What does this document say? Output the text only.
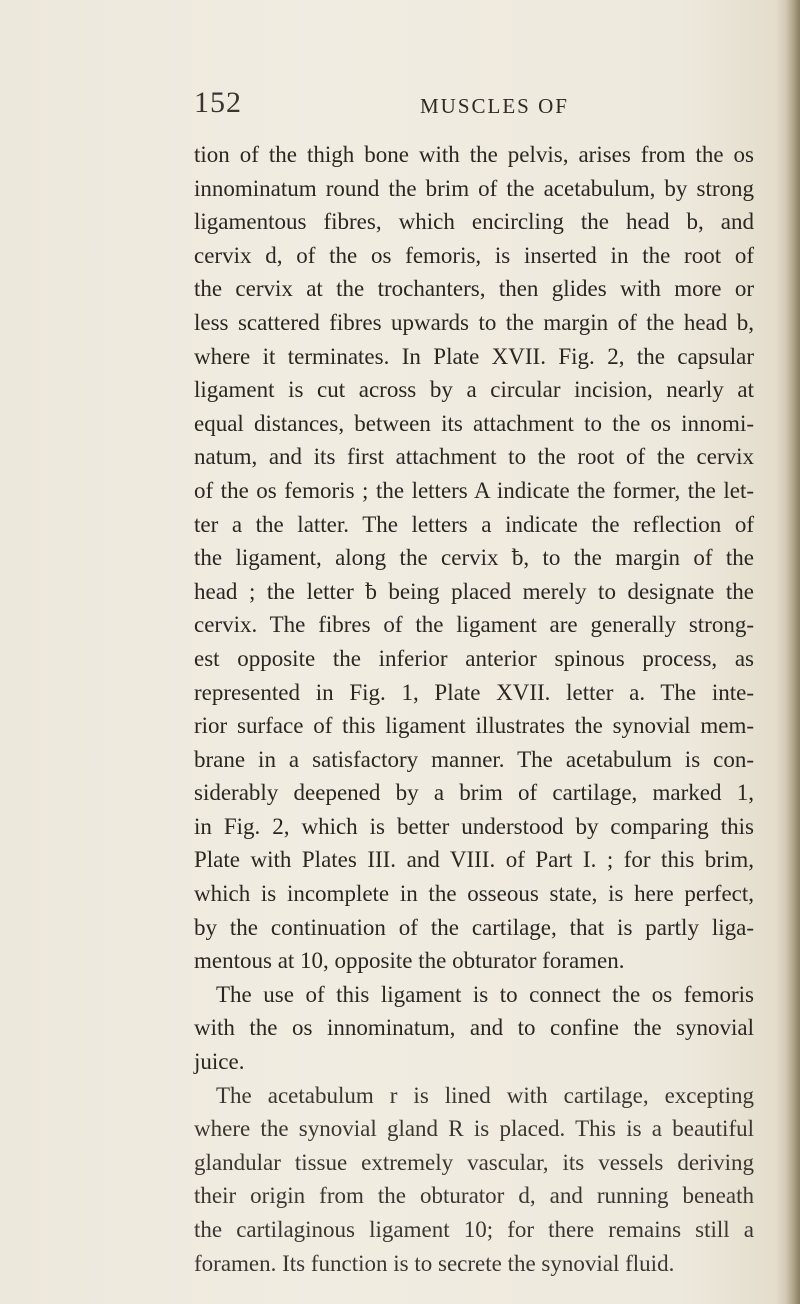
152	MUSCLES OF
tion of the thigh bone with the pelvis, arises from the os
innominatum round the brim of the acetabulum, by strong
ligamentous fibres, which encircling the head b, and
cervix d, of the os femoris, is inserted in the root of
the cervix at the trochanters, then glides with more or
less scattered fibres upwards to the margin of the head b,
where it terminates. In Plate XVII. Fig. 2, the capsular
ligament is cut across by a circular incision, nearly at
equal distances, between its attachment to the os innomi-
natum, and its first attachment to the root of the cervix
of the os femoris ; the letters A indicate the former, the let-
ter a the latter. The letters a indicate the reflection of
the ligament, along the cervix ƀ, to the margin of the
head ; the letter ƀ being placed merely to designate the
cervix. The fibres of the ligament are generally strong-
est opposite the inferior anterior spinous process, as
represented in Fig. 1, Plate XVII. letter a. The inte-
rior surface of this ligament illustrates the synovial mem-
brane in a satisfactory manner. The acetabulum is con-
siderably deepened by a brim of cartilage, marked 1,
in Fig. 2, which is better understood by comparing this
Plate with Plates III. and VIII. of Part I. ; for this brim,
which is incomplete in the osseous state, is here perfect,
by the continuation of the cartilage, that is partly liga-
mentous at 10, opposite the obturator foramen.
The use of this ligament is to connect the os femoris
with the os innominatum, and to confine the synovial
juice.
The acetabulum r is lined with cartilage, excepting
where the synovial gland R is placed. This is a beautiful
glandular tissue extremely vascular, its vessels deriving
their origin from the obturator d, and running beneath
the cartilaginous ligament 10; for there remains still a
foramen. Its function is to secrete the synovial fluid.
